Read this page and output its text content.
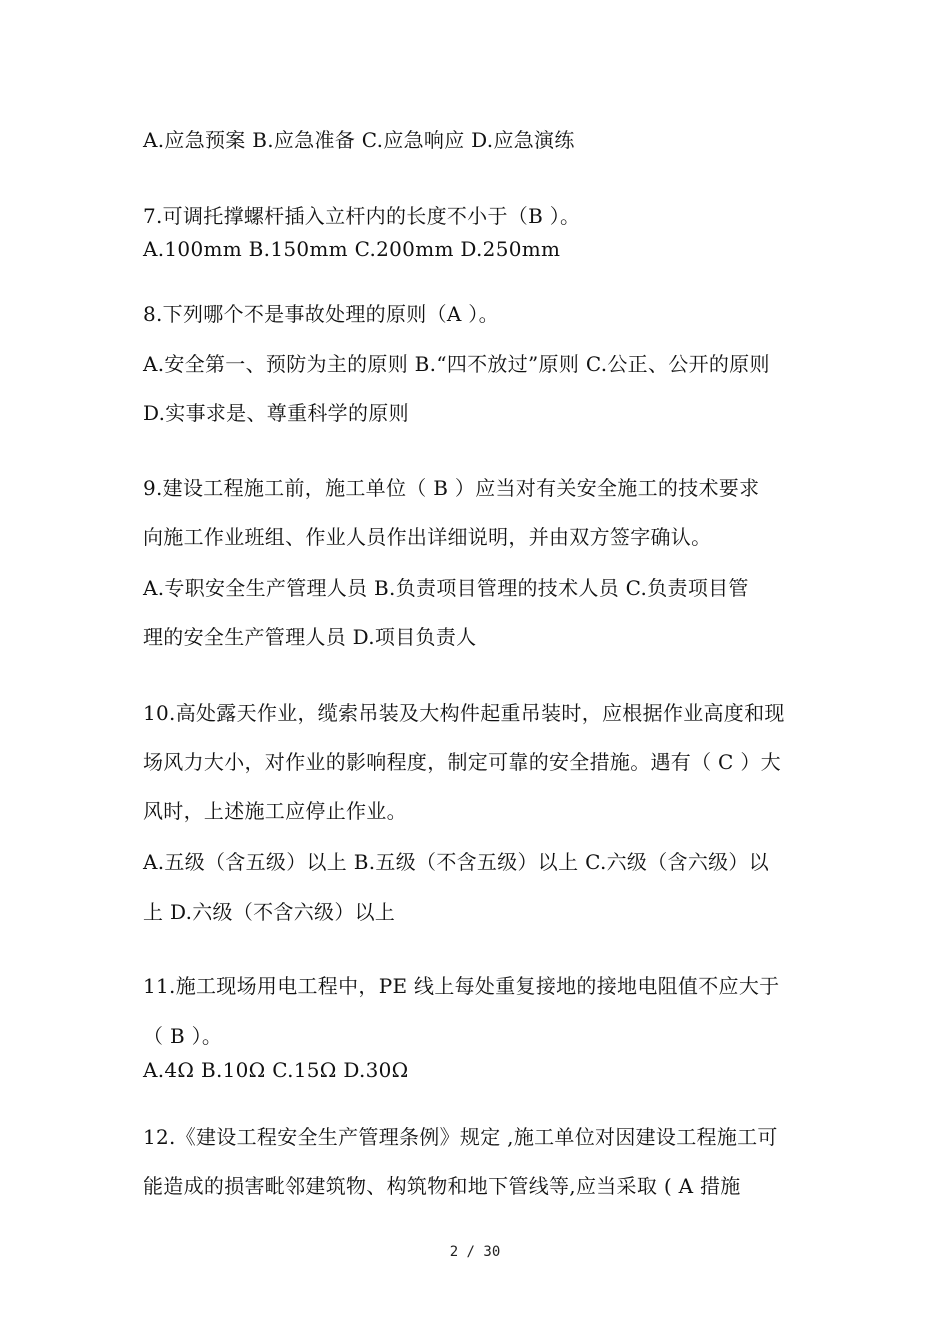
A.应急预案 B.应急准备 C.应急响应 D.应急演练
7.可调托撑螺杆插入立杆内的长度不小于（B ）。
A.100mm B.150mm C.200mm D.250mm
8.下列哪个不是事故处理的原则（A ）。
A.安全第一、预防为主的原则 B.“四不放过”原则 C.公正、公开的原则
D.实事求是、尊重科学的原则
9.建设工程施工前，施工单位（ B ）应当对有关安全施工的技术要求
向施工作业班组、作业人员作出详细说明，并由双方签字确认。
A.专职安全生产管理人员 B.负责项目管理的技术人员 C.负责项目管
理的安全生产管理人员 D.项目负责人
10.高处露天作业，缆索吊装及大构件起重吊装时，应根据作业高度和现
场风力大小，对作业的影响程度，制定可靠的安全措施。遇有（ C ）大
风时，上述施工应停止作业。
A.五级（含五级）以上 B.五级（不含五级）以上 C.六级（含六级）以
上 D.六级（不含六级）以上
11.施工现场用电工程中，PE 线上每处重复接地的接地电阻值不应大于
（ B ）。
A.4Ω B.10Ω C.15Ω D.30Ω
12.《建设工程安全生产管理条例》规定 ,施工单位对因建设工程施工可
能造成的损害毗邻建筑物、构筑物和地下管线等,应当采取 ( A 措施
2 / 30
